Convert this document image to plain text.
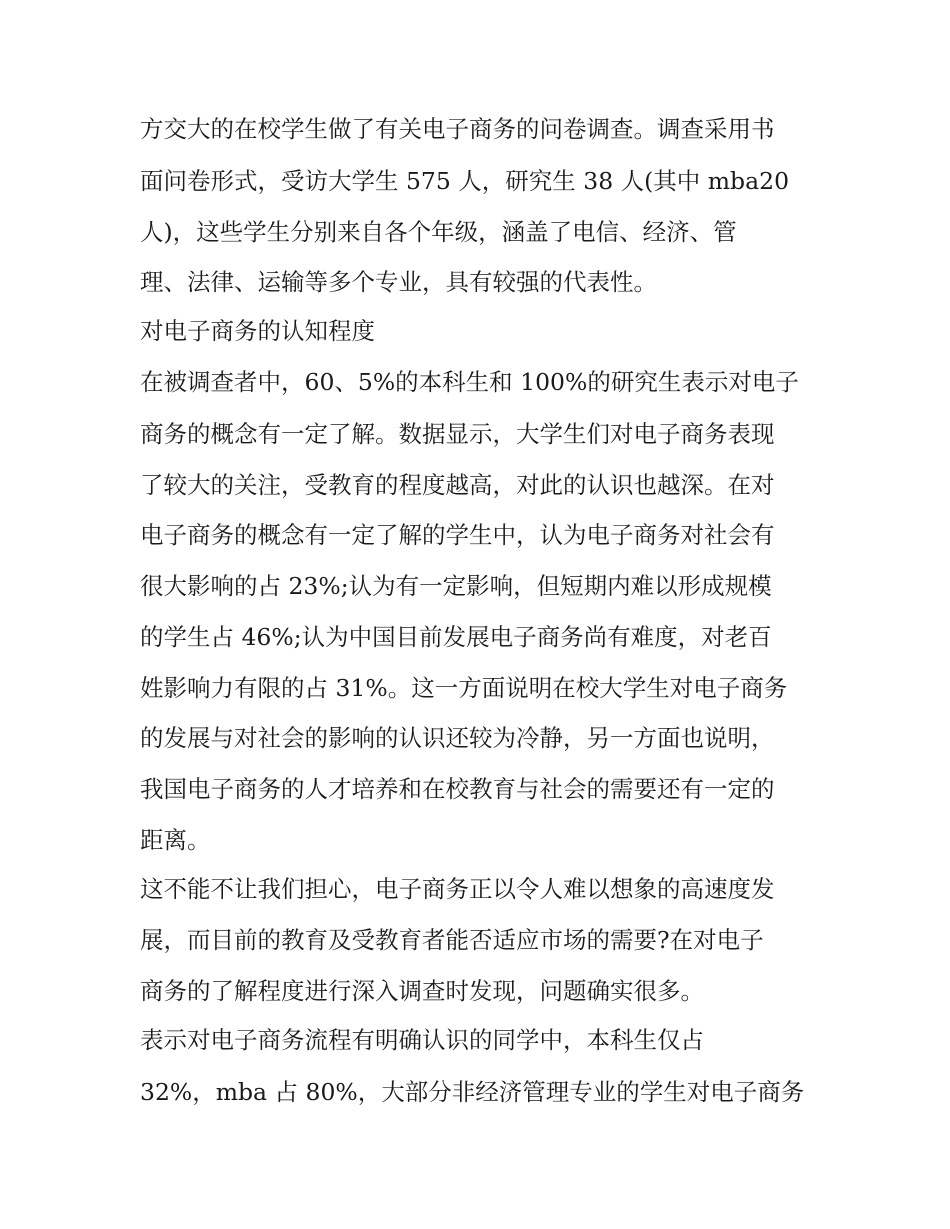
方交大的在校学生做了有关电子商务的问卷调查。调查采用书
面问卷形式，受访大学生 575 人，研究生 38 人(其中 mba20
人)，这些学生分别来自各个年级，涵盖了电信、经济、管
理、法律、运输等多个专业，具有较强的代表性。
对电子商务的认知程度
在被调查者中，60、5%的本科生和 100%的研究生表示对电子
商务的概念有一定了解。数据显示，大学生们对电子商务表现
了较大的关注，受教育的程度越高，对此的认识也越深。在对
电子商务的概念有一定了解的学生中，认为电子商务对社会有
很大影响的占 23%;认为有一定影响，但短期内难以形成规模
的学生占 46%;认为中国目前发展电子商务尚有难度，对老百
姓影响力有限的占 31%。这一方面说明在校大学生对电子商务
的发展与对社会的影响的认识还较为冷静，另一方面也说明，
我国电子商务的人才培养和在校教育与社会的需要还有一定的
距离。
这不能不让我们担心，电子商务正以令人难以想象的高速度发
展，而目前的教育及受教育者能否适应市场的需要?在对电子
商务的了解程度进行深入调查时发现，问题确实很多。
表示对电子商务流程有明确认识的同学中，本科生仅占
32%，mba 占 80%，大部分非经济管理专业的学生对电子商务
